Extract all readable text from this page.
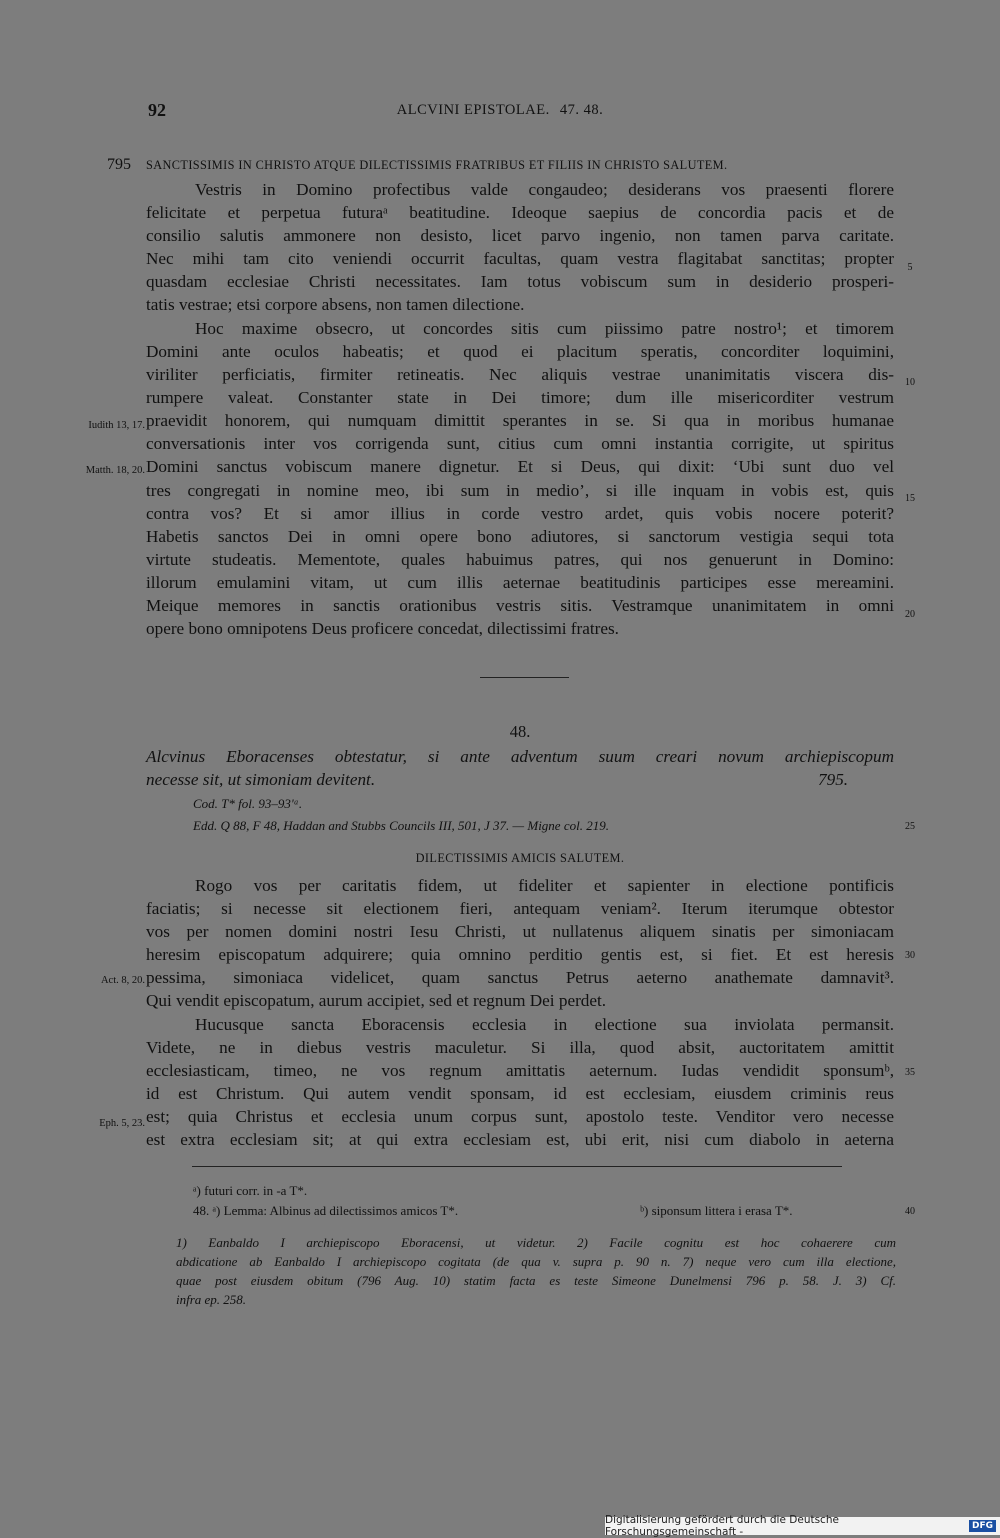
92	ALCVINI EPISTOLAE. 47. 48.
795 SANCTISSIMIS IN CHRISTO ATQUE DILECTISSIMIS FRATRIBUS ET FILIIS IN CHRISTO SALUTEM.
Vestris in Domino profectibus valde congaudeo; desiderans vos praesenti florere
felicitate et perpetua futuraᵃ beatitudine. Ideoque saepius de concordia pacis et de
consilio salutis ammonere non desisto, licet parvo ingenio, non tamen parva caritate.
Nec mihi tam cito veniendi occurrit facultas, quam vestra flagitabat sanctitas; propter
quasdam ecclesiae Christi necessitates. Iam totus vobiscum sum in desiderio prosperi-
tatis vestrae; etsi corpore absens, non tamen dilectione.
Hoc maxime obsecro, ut concordes sitis cum piissimo patre nostro¹; et timorem
Domini ante oculos habeatis; et quod ei placitum speratis, concorditer loquimini,
viriliter perficiatis, firmiter retineatis. Nec aliquis vestrae unanimitatis viscera dis-
rumpere valeat. Constanter state in Dei timore; dum ille misericorditer vestrum
praevidit honorem, qui numquam dimittit sperantes in se. Si qua in moribus humanae
conversationis inter vos corrigenda sunt, citius cum omni instantia corrigite, ut spiritus
Domini sanctus vobiscum manere dignetur. Et si Deus, qui dixit: ‘Ubi sunt duo vel
tres congregati in nomine meo, ibi sum in medio’, si ille inquam in vobis est, quis
contra vos? Et si amor illius in corde vestro ardet, quis vobis nocere poterit?
Habetis sanctos Dei in omni opere bono adiutores, si sanctorum vestigia sequi tota
virtute studeatis. Mementote, quales habuimus patres, qui nos genuerunt in Domino:
illorum emulamini vitam, ut cum illis aeternae beatitudinis participes esse mereamini.
Meique memores in sanctis orationibus vestris sitis. Vestramque unanimitatem in omni
opere bono omnipotens Deus proficere concedat, dilectissimi fratres.
5
10
15
20
Iudith 13, 17.
Matth. 18, 20.
48.
Alcvinus Eboracenses obtestatur, si ante adventum suum creari novum archiepiscopum
necesse sit, ut simoniam devitent.	795.
Cod. T* fol. 93–93'ᵃ.
Edd. Q 88, F 48, Haddan and Stubbs Councils III, 501, J 37. — Migne col. 219.	25
DILECTISSIMIS AMICIS SALUTEM.
Rogo vos per caritatis fidem, ut fideliter et sapienter in electione pontificis
faciatis; si necesse sit electionem fieri, antequam veniam². Iterum iterumque obtestor
vos per nomen domini nostri Iesu Christi, ut nullatenus aliquem sinatis per simoniacam
heresim episcopatum adquirere; quia omnino perditio gentis est, si fiet. Et est heresis
pessima, simoniaca videlicet, quam sanctus Petrus aeterno anathemate damnavit³.
Qui vendit episcopatum, aurum accipiet, sed et regnum Dei perdet.
Hucusque sancta Eboracensis ecclesia in electione sua inviolata permansit.
Videte, ne in diebus vestris maculetur. Si illa, quod absit, auctoritatem amittit
ecclesiasticam, timeo, ne vos regnum amittatis aeternum. Iudas vendidit sponsumᵇ,
id est Christum. Qui autem vendit sponsam, id est ecclesiam, eiusdem criminis reus
est; quia Christus et ecclesia unum corpus sunt, apostolo teste. Venditor vero necesse
est extra ecclesiam sit; at qui extra ecclesiam est, ubi erit, nisi cum diabolo in aeterna
30
35
40
Act. 8, 20.
Eph. 5, 23.
ᵃ) futuri corr. in -a T*.
48. ᵃ) Lemma: Albinus ad dilectissimos amicos T*.	ᵇ) siponsum littera i erasa T*.
1) Eanbaldo I archiepiscopo Eboracensi, ut videtur. 2) Facile cognitu est hoc cohaerere cum
abdicatione ab Eanbaldo I archiepiscopo cogitata (de qua v. supra p. 90 n. 7) neque vero cum illa electione,
quae post eiusdem obitum (796 Aug. 10) statim facta es teste Simeone Dunelmensi 796 p. 58. J. 3) Cf.
infra ep. 258.
Digitalisierung gefördert durch die Deutsche Forschungsgemeinschaft -	DFG
